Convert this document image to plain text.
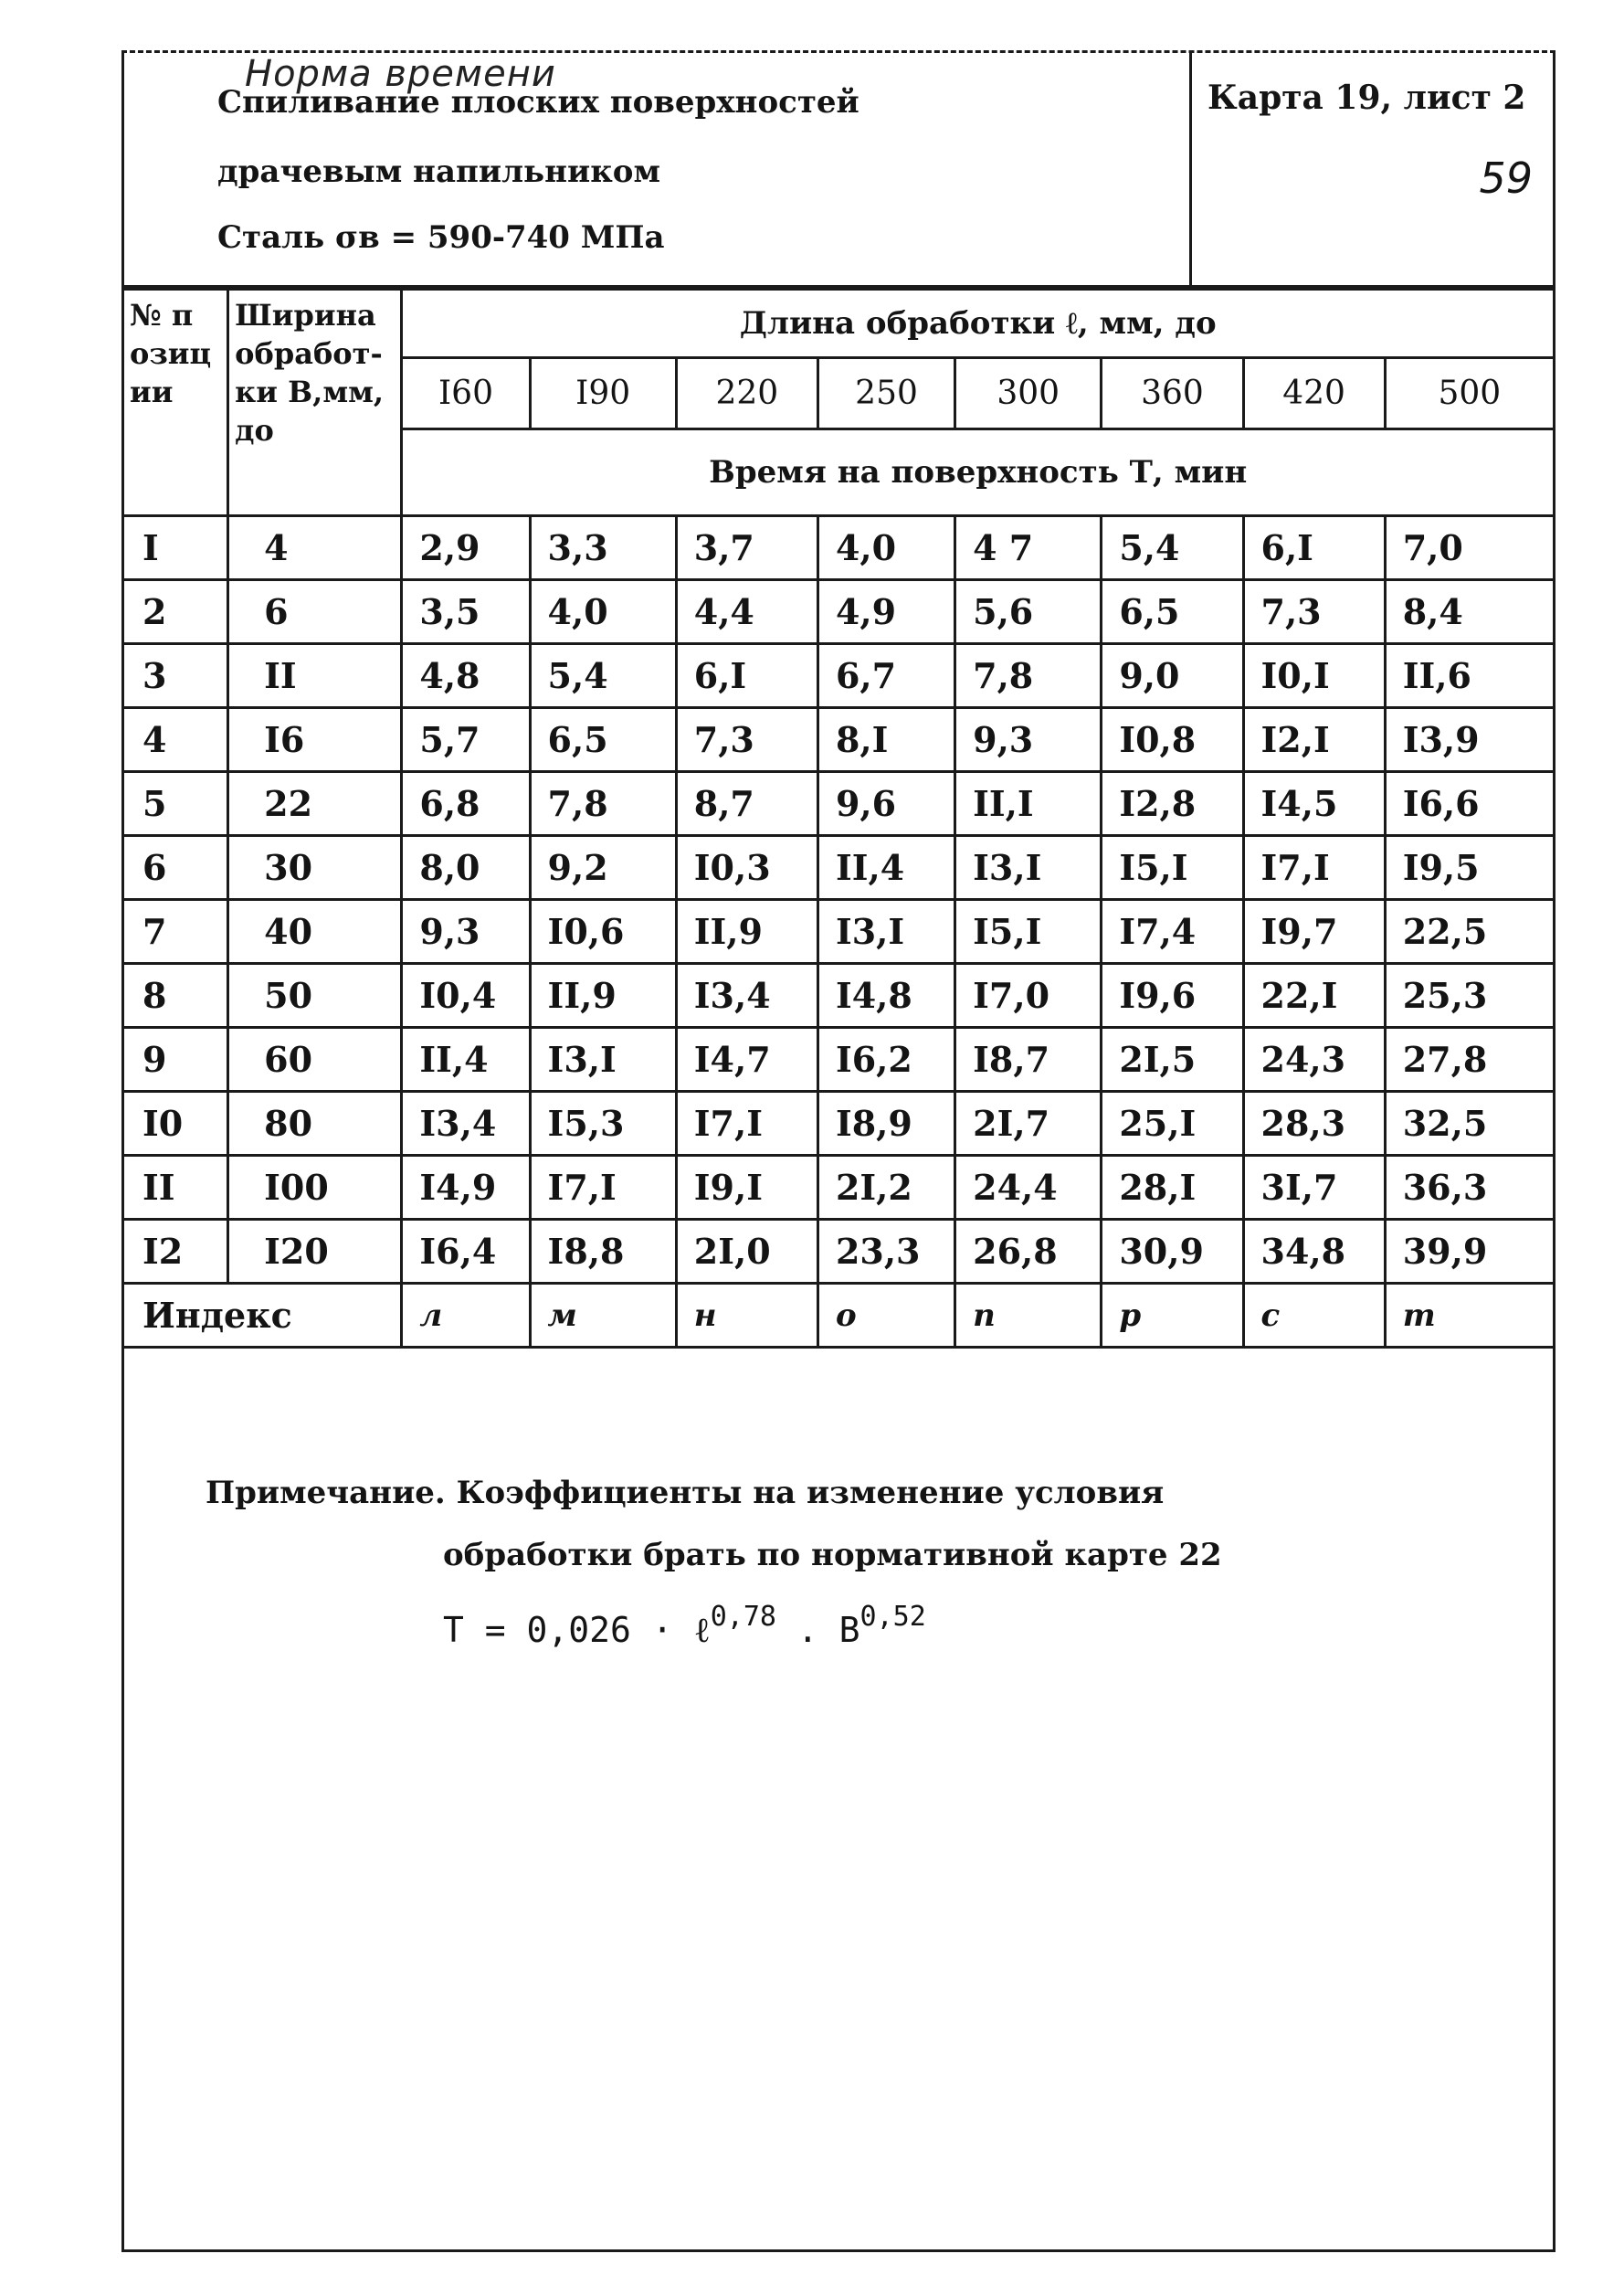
Норма времени
Спиливание плоских поверхностей
драчевым напильником
Сталь σв = 590-740 МПа
Карта 19, лист 2
59
№ позиции	Ширина обработки B,мм, до	Длина обработки ℓ, мм, до							
		I60	I90	220	250	300	360	420	500
		Время на поверхность Т, мин							
I	4	2,9	3,3	3,7	4,0	4 7	5,4	6,I	7,0
2	6	3,5	4,0	4,4	4,9	5,6	6,5	7,3	8,4
3	II	4,8	5,4	6,I	6,7	7,8	9,0	I0,I	II,6
4	I6	5,7	6,5	7,3	8,I	9,3	I0,8	I2,I	I3,9
5	22	6,8	7,8	8,7	9,6	II,I	I2,8	I4,5	I6,6
6	30	8,0	9,2	I0,3	II,4	I3,I	I5,I	I7,I	I9,5
7	40	9,3	I0,6	II,9	I3,I	I5,I	I7,4	I9,7	22,5
8	50	I0,4	II,9	I3,4	I4,8	I7,0	I9,6	22,I	25,3
9	60	II,4	I3,I	I4,7	I6,2	I8,7	2I,5	24,3	27,8
I0	80	I3,4	I5,3	I7,I	I8,9	2I,7	25,I	28,3	32,5
II	I00	I4,9	I7,I	I9,I	2I,2	24,4	28,I	3I,7	36,3
I2	I20	I6,4	I8,8	2I,0	23,3	26,8	30,9	34,8	39,9
Индекс		л	м	н	о	п	р	с	т
Примечание. Коэффициенты на изменение условия
обработки брать по нормативной карте 22
Т = 0,026 · ℓ$^{0,78}$ . В$^{0,52}$
